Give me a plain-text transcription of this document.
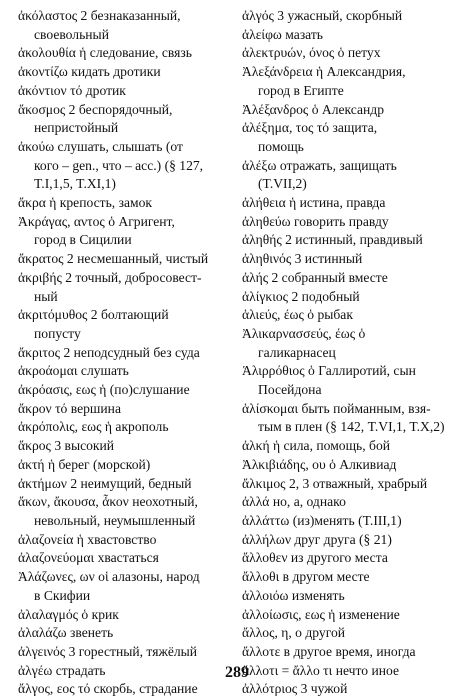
ἀκόλαστος 2 безнаказанный,
своевольный
ἀκολουθία ἡ следование, связь
ἀκοντίζω кидать дротики
ἀκόντιον τό дротик
ἄκοσμος 2 беспорядочный,
непристойный
ἀκούω слушать, слышать (от
кого – gen., что – acc.) (§ 127,
T.I,1,5, T.XI,1)
ἄκρα ἡ крепость, замок
Ἀκράγας, αντος ὁ Агригент,
город в Сицилии
ἄκρατος 2 несмешанный, чистый
ἀκριβής 2 точный, добросовест-
ный
ἀκριτόμυθος 2 болтающий
попусту
ἄκριτος 2 неподсудный без суда
ἀκροάομαι слушать
ἀκρόασις, εως ἡ (по)слушание
ἄκρον τό вершина
ἀκρόπολις, εως ἡ акрополь
ἄκρος 3 высокий
ἀκτή ἡ берег (морской)
ἀκτήμων 2 неимущий, бедный
ἄκων, ἄκουσα, ἆκον неохотный,
невольный, неумышленный
ἀλαζονεία ἡ хвастовство
ἀλαζονεύομαι хвастаться
Ἀλάζωνες, ων οἱ алазоны, народ
в Скифии
ἀλαλαγμός ὁ крик
ἀλαλάζω звенеть
ἀλγεινός 3 горестный, тяжёлый
ἀλγέω страдать
ἄλγος, εος τό скорбь, страдание
ἀλγός 3 ужасный, скорбный
ἀλείφω мазать
ἀλεκτρυών, όνος ὁ петух
Ἀλεξάνδρεια ἡ Александрия,
город в Египте
Ἀλέξανδρος ὁ Александр
ἀλέξημα, τος τό защита,
помощь
ἀλέξω отражать, защищать
(T.VII,2)
ἀλήθεια ἡ истина, правда
ἀληθεύω говорить правду
ἀληθής 2 истинный, правдивый
ἀληθινός 3 истинный
ἀλής 2 собранный вместе
ἀλίγκιος 2 подобный
ἁλιεύς, έως ὁ рыбак
Ἀλικαρνασσεύς, έως ὁ
галикарнасец
Ἁλιρρόθιος ὁ Галлиротий, сын
Посейдона
ἁλίσκομαι быть пойманным, взя-
тым в плен (§ 142, T.VI,1, T.X,2)
ἀλκή ἡ сила, помощь, бой
Ἀλκιβιάδης, ου ὁ Алкивиад
ἄλκιμος 2, 3 отважный, храбрый
ἀλλά но, а, однако
ἀλλάττω (из)менять (T.III,1)
ἀλλήλων друг друга (§ 21)
ἄλλοθεν из другого места
ἄλλοθι в другом месте
ἀλλοιόω изменять
ἀλλοίωσις, εως ἡ изменение
ἄλλος, η, ο другой
ἄλλοτε в другое время, иногда
ἄλλοτι = ἄλλο τι нечто иное
ἀλλότριος 3 чужой
289
